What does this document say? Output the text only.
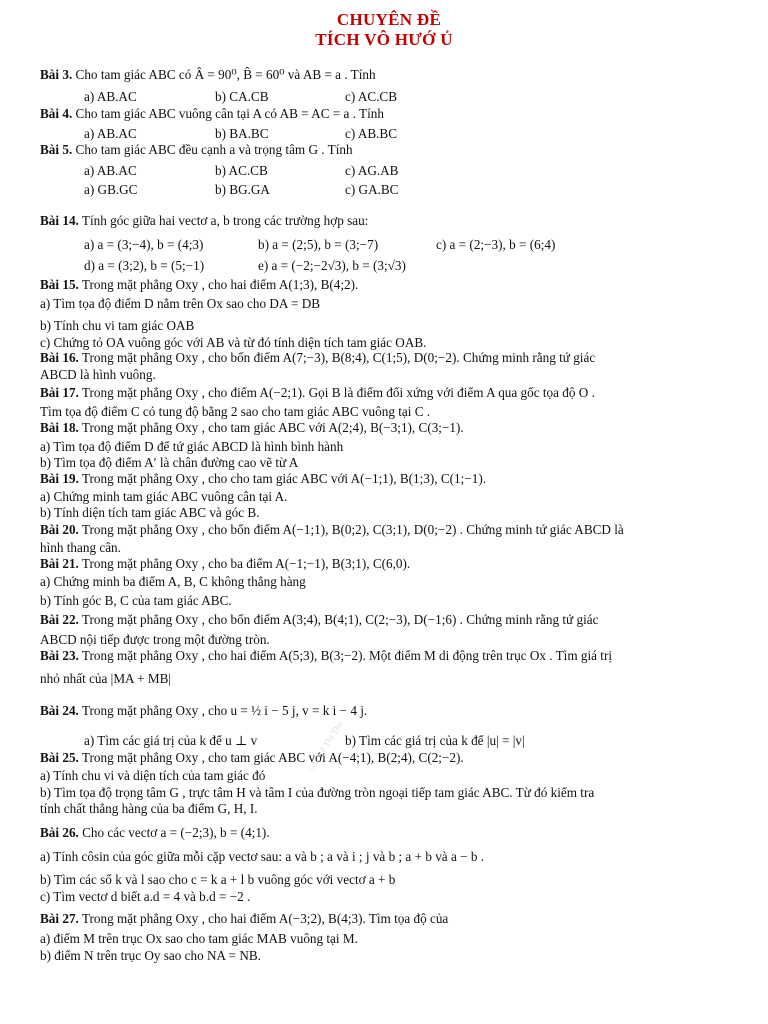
CHUYÊN ĐỀ
TÍCH VÔ HƯỚ Ủ
GV: Lê Thị Thu
Bài 3. Cho tam giác ABC có Â = 90⁰, B̂ = 60⁰ và AB = a . Tính
a) AB.AC	b) CA.CB	c) AC.CB
Bài 4. Cho tam giác ABC vuông cân tại A có AB = AC = a . Tính
a) AB.AC	b) BA.BC	c) AB.BC
Bài 5. Cho tam giác ABC đều cạnh a và trọng tâm G . Tính
a) AB.AC	b) AC.CB	c) AG.AB
a) GB.GC	b) BG.GA	c) GA.BC
Bài 14. Tính góc giữa hai vectơ a, b trong các trường hợp sau:
a) a = (3;−4), b = (4;3)	b) a = (2;5), b = (3;−7)	c) a = (2;−3), b = (6;4)
d) a = (3;2), b = (5;−1)	e) a = (−2;−2√3), b = (3;√3)
Bài 15. Trong mặt phẳng Oxy , cho hai điểm A(1;3), B(4;2).
a) Tìm tọa độ điểm D nằm trên Ox sao cho DA = DB
b) Tính chu vi tam giác OAB
c) Chứng tỏ OA vuông góc với AB và từ đó tính diện tích tam giác OAB.
Bài 16. Trong mặt phẳng Oxy , cho bốn điểm A(7;−3), B(8;4), C(1;5), D(0;−2). Chứng minh rằng tứ giác
ABCD là hình vuông.
Bài 17. Trong mặt phẳng Oxy , cho điểm A(−2;1). Gọi B là điểm đối xứng với điểm A qua gốc tọa độ O .
Tìm tọa độ điểm C có tung độ bằng 2 sao cho tam giác ABC vuông tại C .
Bài 18. Trong mặt phẳng Oxy , cho tam giác ABC với A(2;4), B(−3;1), C(3;−1).
a) Tìm tọa độ điểm D để tứ giác ABCD là hình bình hành
b) Tìm tọa độ điểm A′ là chân đường cao vẽ từ A
Bài 19. Trong mặt phẳng Oxy , cho cho tam giác ABC với A(−1;1), B(1;3), C(1;−1).
a) Chứng minh tam giác ABC vuông cân tại A.
b) Tính diện tích tam giác ABC và góc B.
Bài 20. Trong mặt phẳng Oxy , cho bốn điểm A(−1;1), B(0;2), C(3;1), D(0;−2) . Chứng minh tứ giác ABCD là
hình thang cân.
Bài 21. Trong mặt phẳng Oxy , cho ba điểm A(−1;−1), B(3;1), C(6,0).
a) Chứng minh ba điểm A, B, C không thẳng hàng
b) Tính góc B, C của tam giác ABC.
Bài 22. Trong mặt phẳng Oxy , cho bốn điểm A(3;4), B(4;1), C(2;−3), D(−1;6) . Chứng minh rằng tứ giác
ABCD nội tiếp được trong một đường tròn.
Bài 23. Trong mặt phẳng Oxy , cho hai điểm A(5;3), B(3;−2). Một điểm M di động trên trục Ox . Tìm giá trị
nhỏ nhất của |MA + MB|
Bài 24. Trong mặt phẳng Oxy , cho u = ½ i − 5 j, v = k i − 4 j.
a) Tìm các giá trị của k để u ⊥ v	b) Tìm các giá trị của k để |u| = |v|
Bài 25. Trong mặt phẳng Oxy , cho tam giác ABC với A(−4;1), B(2;4), C(2;−2).
a) Tính chu vi và diện tích của tam giác đó
b) Tìm tọa độ trọng tâm G , trực tâm H và tâm I của đường tròn ngoại tiếp tam giác ABC. Từ đó kiểm tra
tính chất thẳng hàng của ba điểm G, H, I.
Bài 26. Cho các vectơ a = (−2;3), b = (4;1).
a) Tính côsin của góc giữa mỗi cặp vectơ sau: a và b ; a và i ; j và b ; a + b và a − b .
b) Tìm các số k và l sao cho c = k a + l b vuông góc với vectơ a + b
c) Tìm vectơ d biết a.d = 4 và b.d = −2 .
Bài 27. Trong mặt phẳng Oxy , cho hai điểm A(−3;2), B(4;3). Tìm tọa độ của
a) điểm M trên trục Ox sao cho tam giác MAB vuông tại M.
b) điểm N trên trục Oy sao cho NA = NB.
